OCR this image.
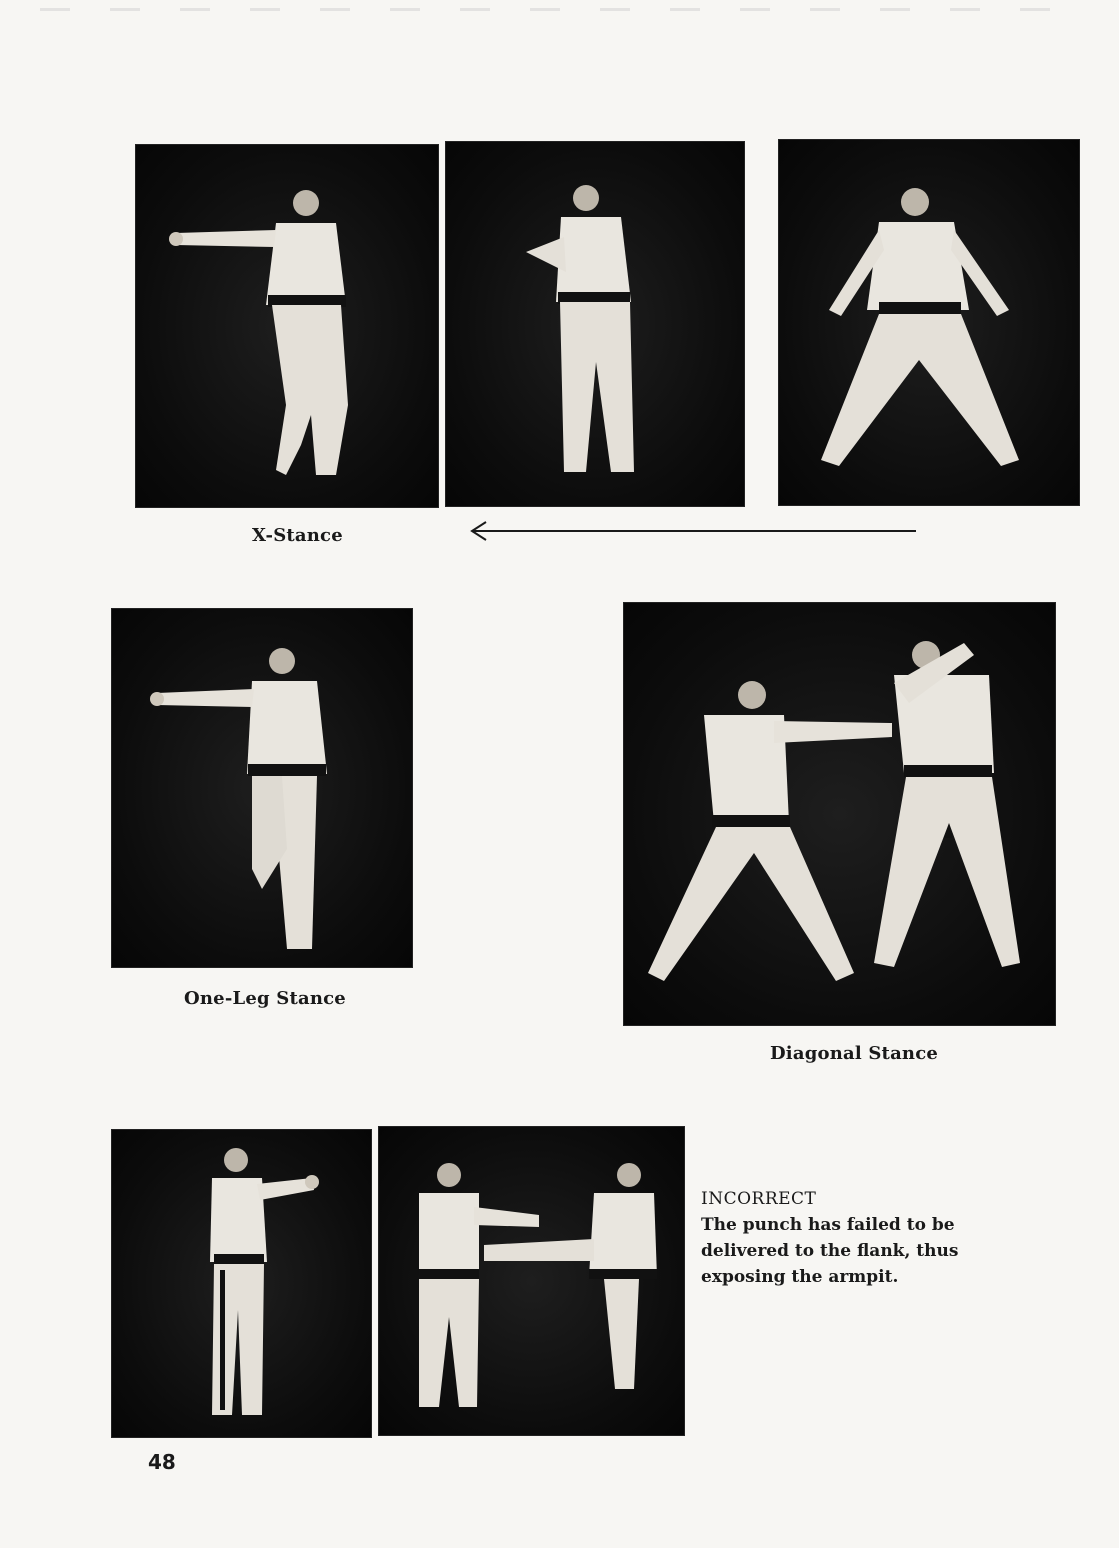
X-Stance
One-Leg Stance
Diagonal Stance
INCORRECT
The punch has failed to be delivered to the flank, thus exposing the armpit.
48
